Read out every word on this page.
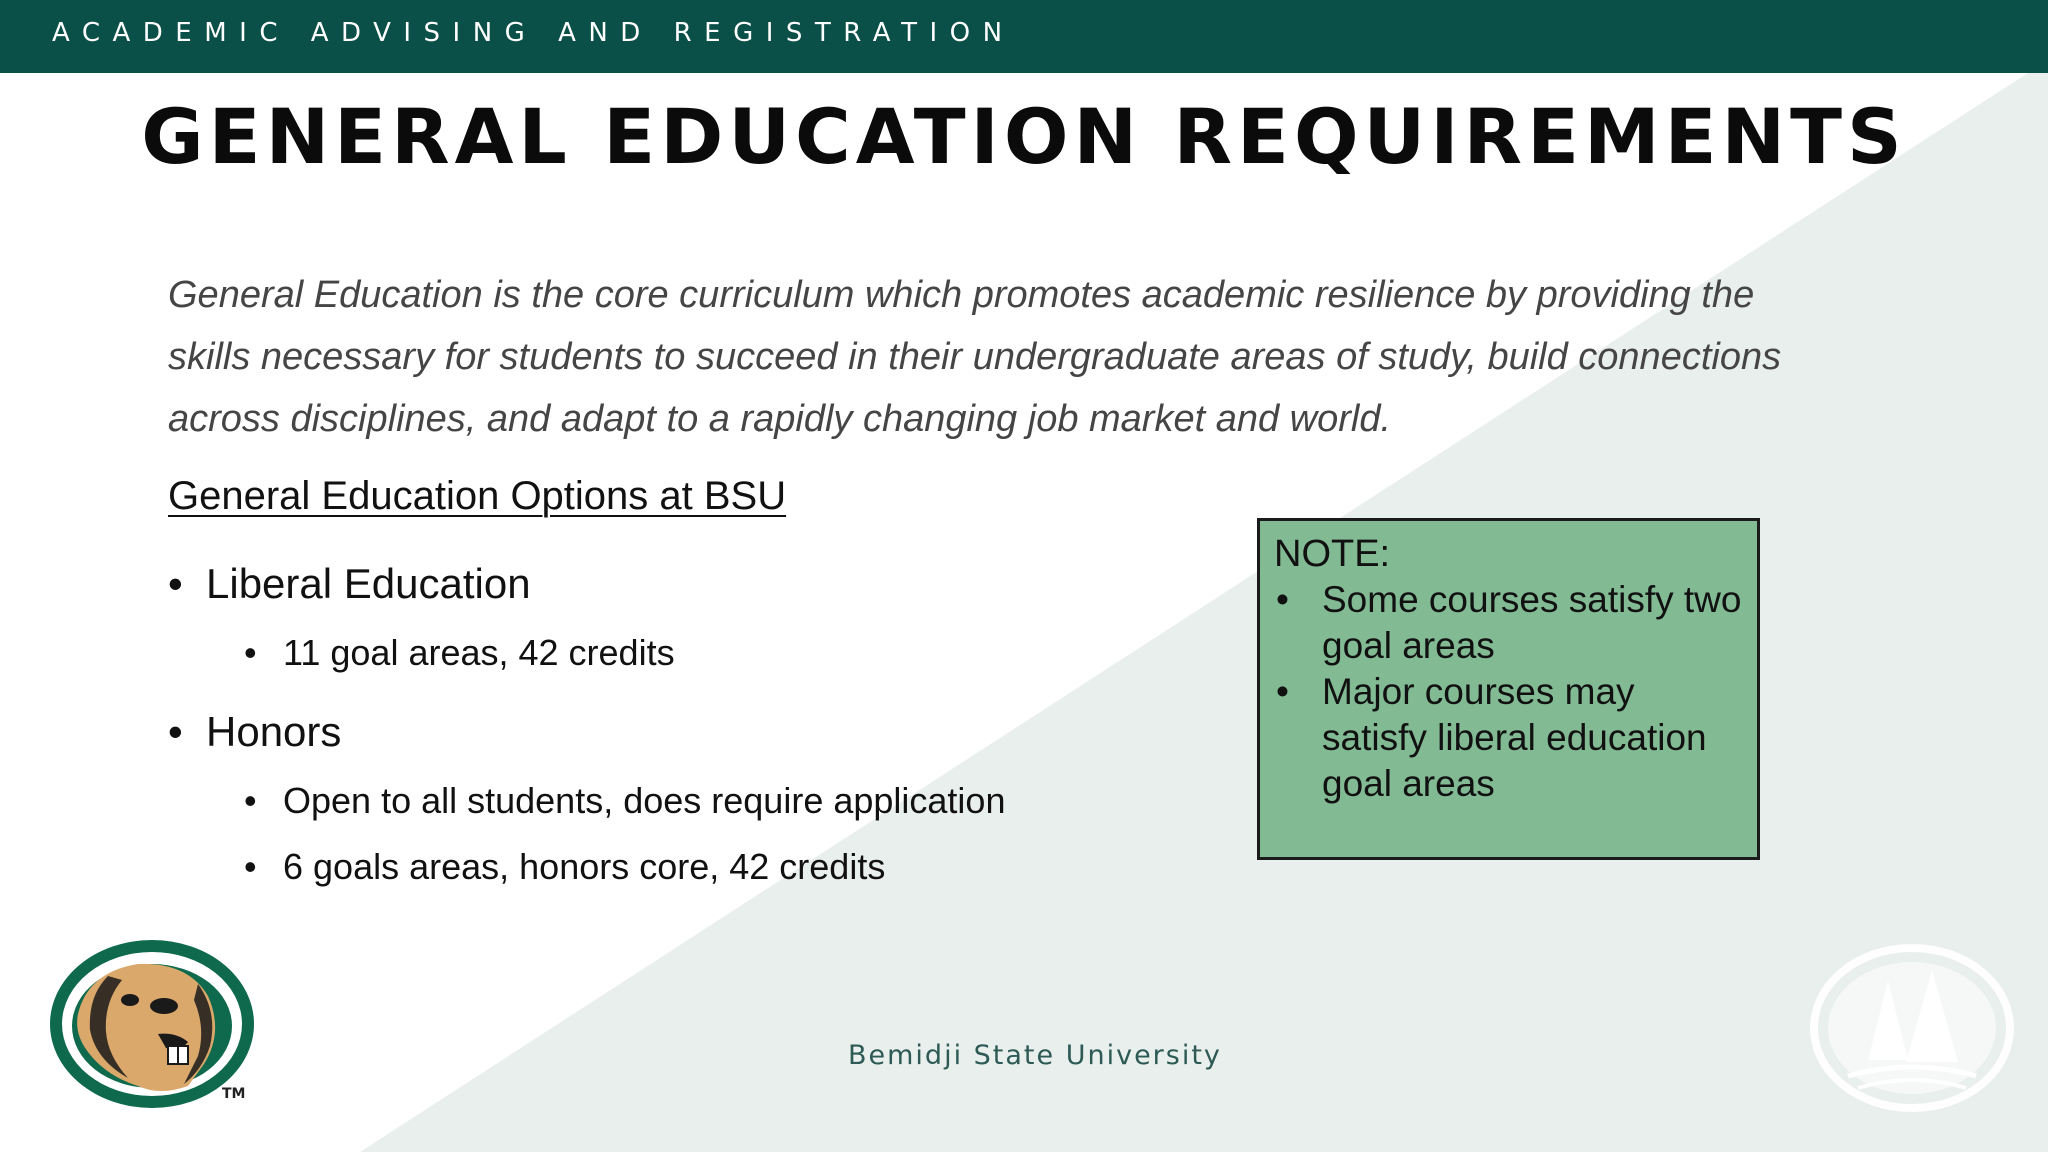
ACADEMIC ADVISING AND REGISTRATION
GENERAL EDUCATION REQUIREMENTS
General Education is the core curriculum which promotes academic resilience by providing the
skills necessary for students to succeed in their undergraduate areas of study, build connections
across disciplines, and adapt to a rapidly changing job market and world.
General Education Options at BSU
• Liberal Education
• 11 goal areas, 42 credits
• Honors
• Open to all students, does require application
• 6 goals areas, honors core, 42 credits
NOTE:
• Some courses satisfy two goal areas
• Major courses may satisfy liberal education goal areas
TM
Bemidji State University
